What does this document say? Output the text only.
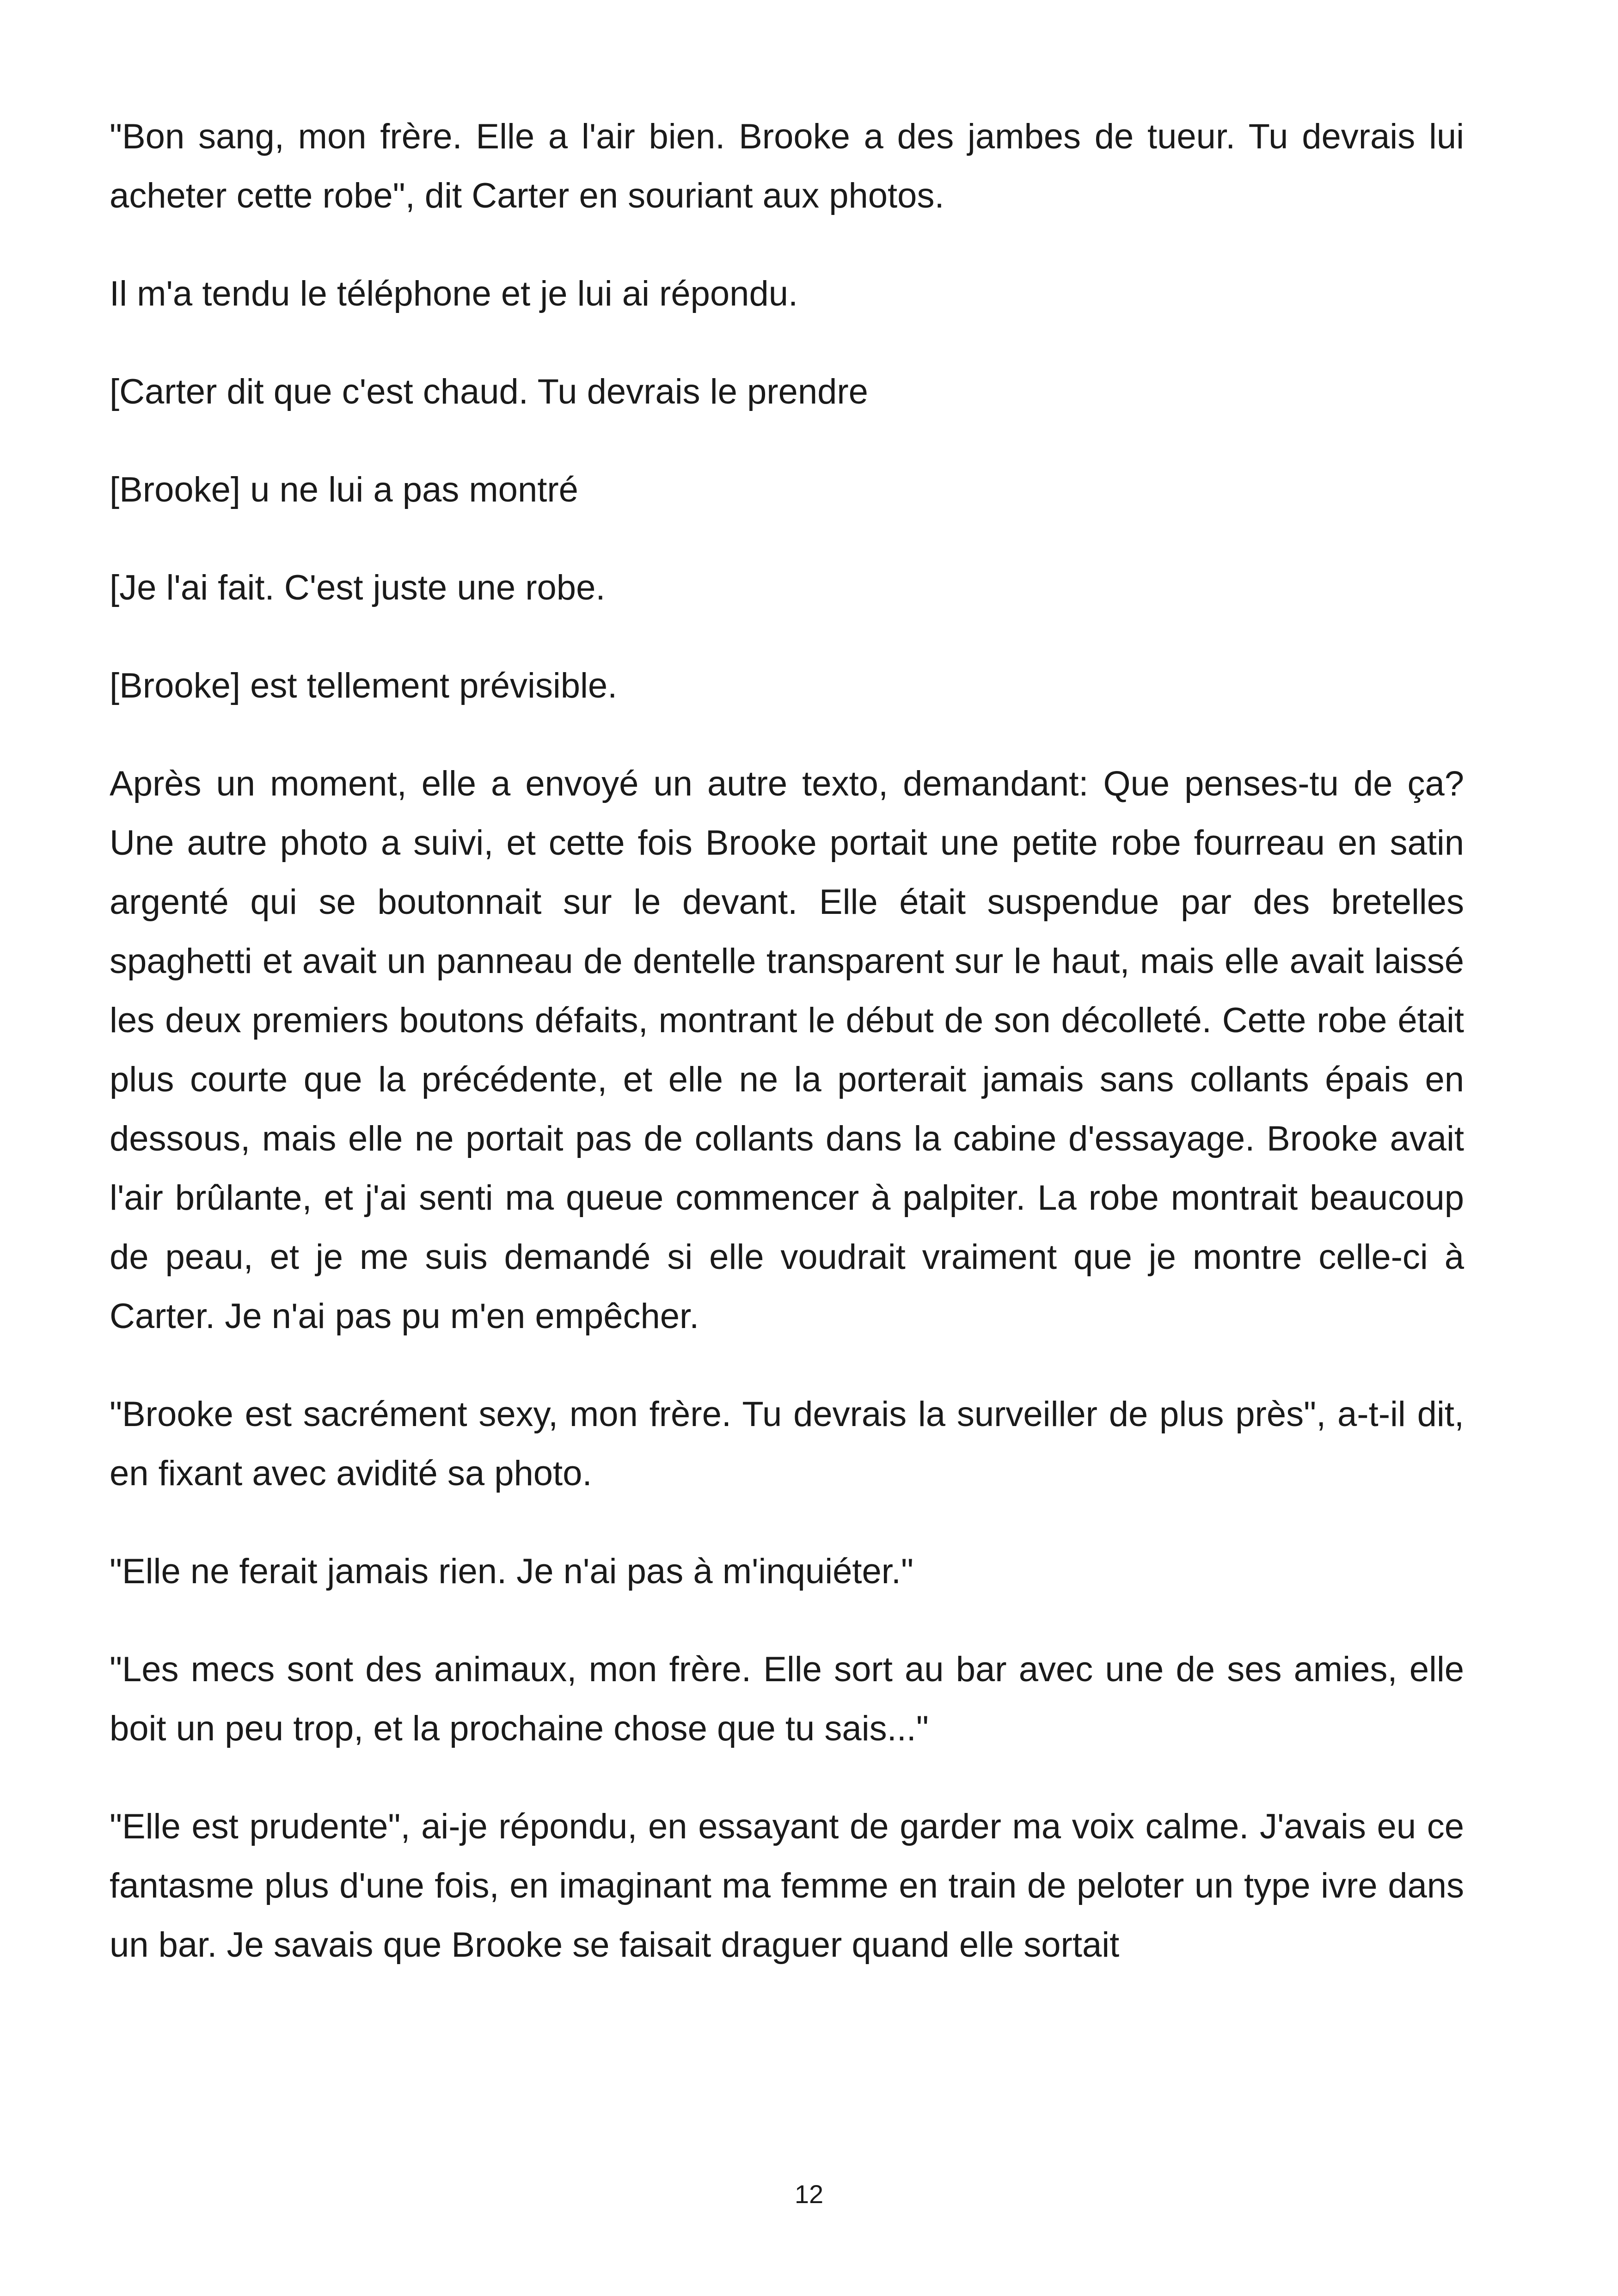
"Bon sang, mon frère. Elle a l'air bien. Brooke a des jambes de tueur. Tu devrais lui acheter cette robe", dit Carter en souriant aux photos.

Il m'a tendu le téléphone et je lui ai répondu.

[Carter dit que c'est chaud. Tu devrais le prendre

[Brooke] u ne lui a pas montré

[Je l'ai fait. C'est juste une robe.

[Brooke] est tellement prévisible.

Après un moment, elle a envoyé un autre texto, demandant: Que penses-tu de ça? Une autre photo a suivi, et cette fois Brooke portait une petite robe fourreau en satin argenté qui se boutonnait sur le devant. Elle était suspendue par des bretelles spaghetti et avait un panneau de dentelle transparent sur le haut, mais elle avait laissé les deux premiers boutons défaits, montrant le début de son décolleté. Cette robe était plus courte que la précédente, et elle ne la porterait jamais sans collants épais en dessous, mais elle ne portait pas de collants dans la cabine d'essayage. Brooke avait l'air brûlante, et j'ai senti ma queue commencer à palpiter. La robe montrait beaucoup de peau, et je me suis demandé si elle voudrait vraiment que je montre celle-ci à Carter. Je n'ai pas pu m'en empêcher.

"Brooke est sacrément sexy, mon frère. Tu devrais la surveiller de plus près", a-t-il dit, en fixant avec avidité sa photo.

"Elle ne ferait jamais rien. Je n'ai pas à m'inquiéter."

"Les mecs sont des animaux, mon frère. Elle sort au bar avec une de ses amies, elle boit un peu trop, et la prochaine chose que tu sais..."

"Elle est prudente", ai-je répondu, en essayant de garder ma voix calme. J'avais eu ce fantasme plus d'une fois, en imaginant ma femme en train de peloter un type ivre dans un bar. Je savais que Brooke se faisait draguer quand elle sortait

12
